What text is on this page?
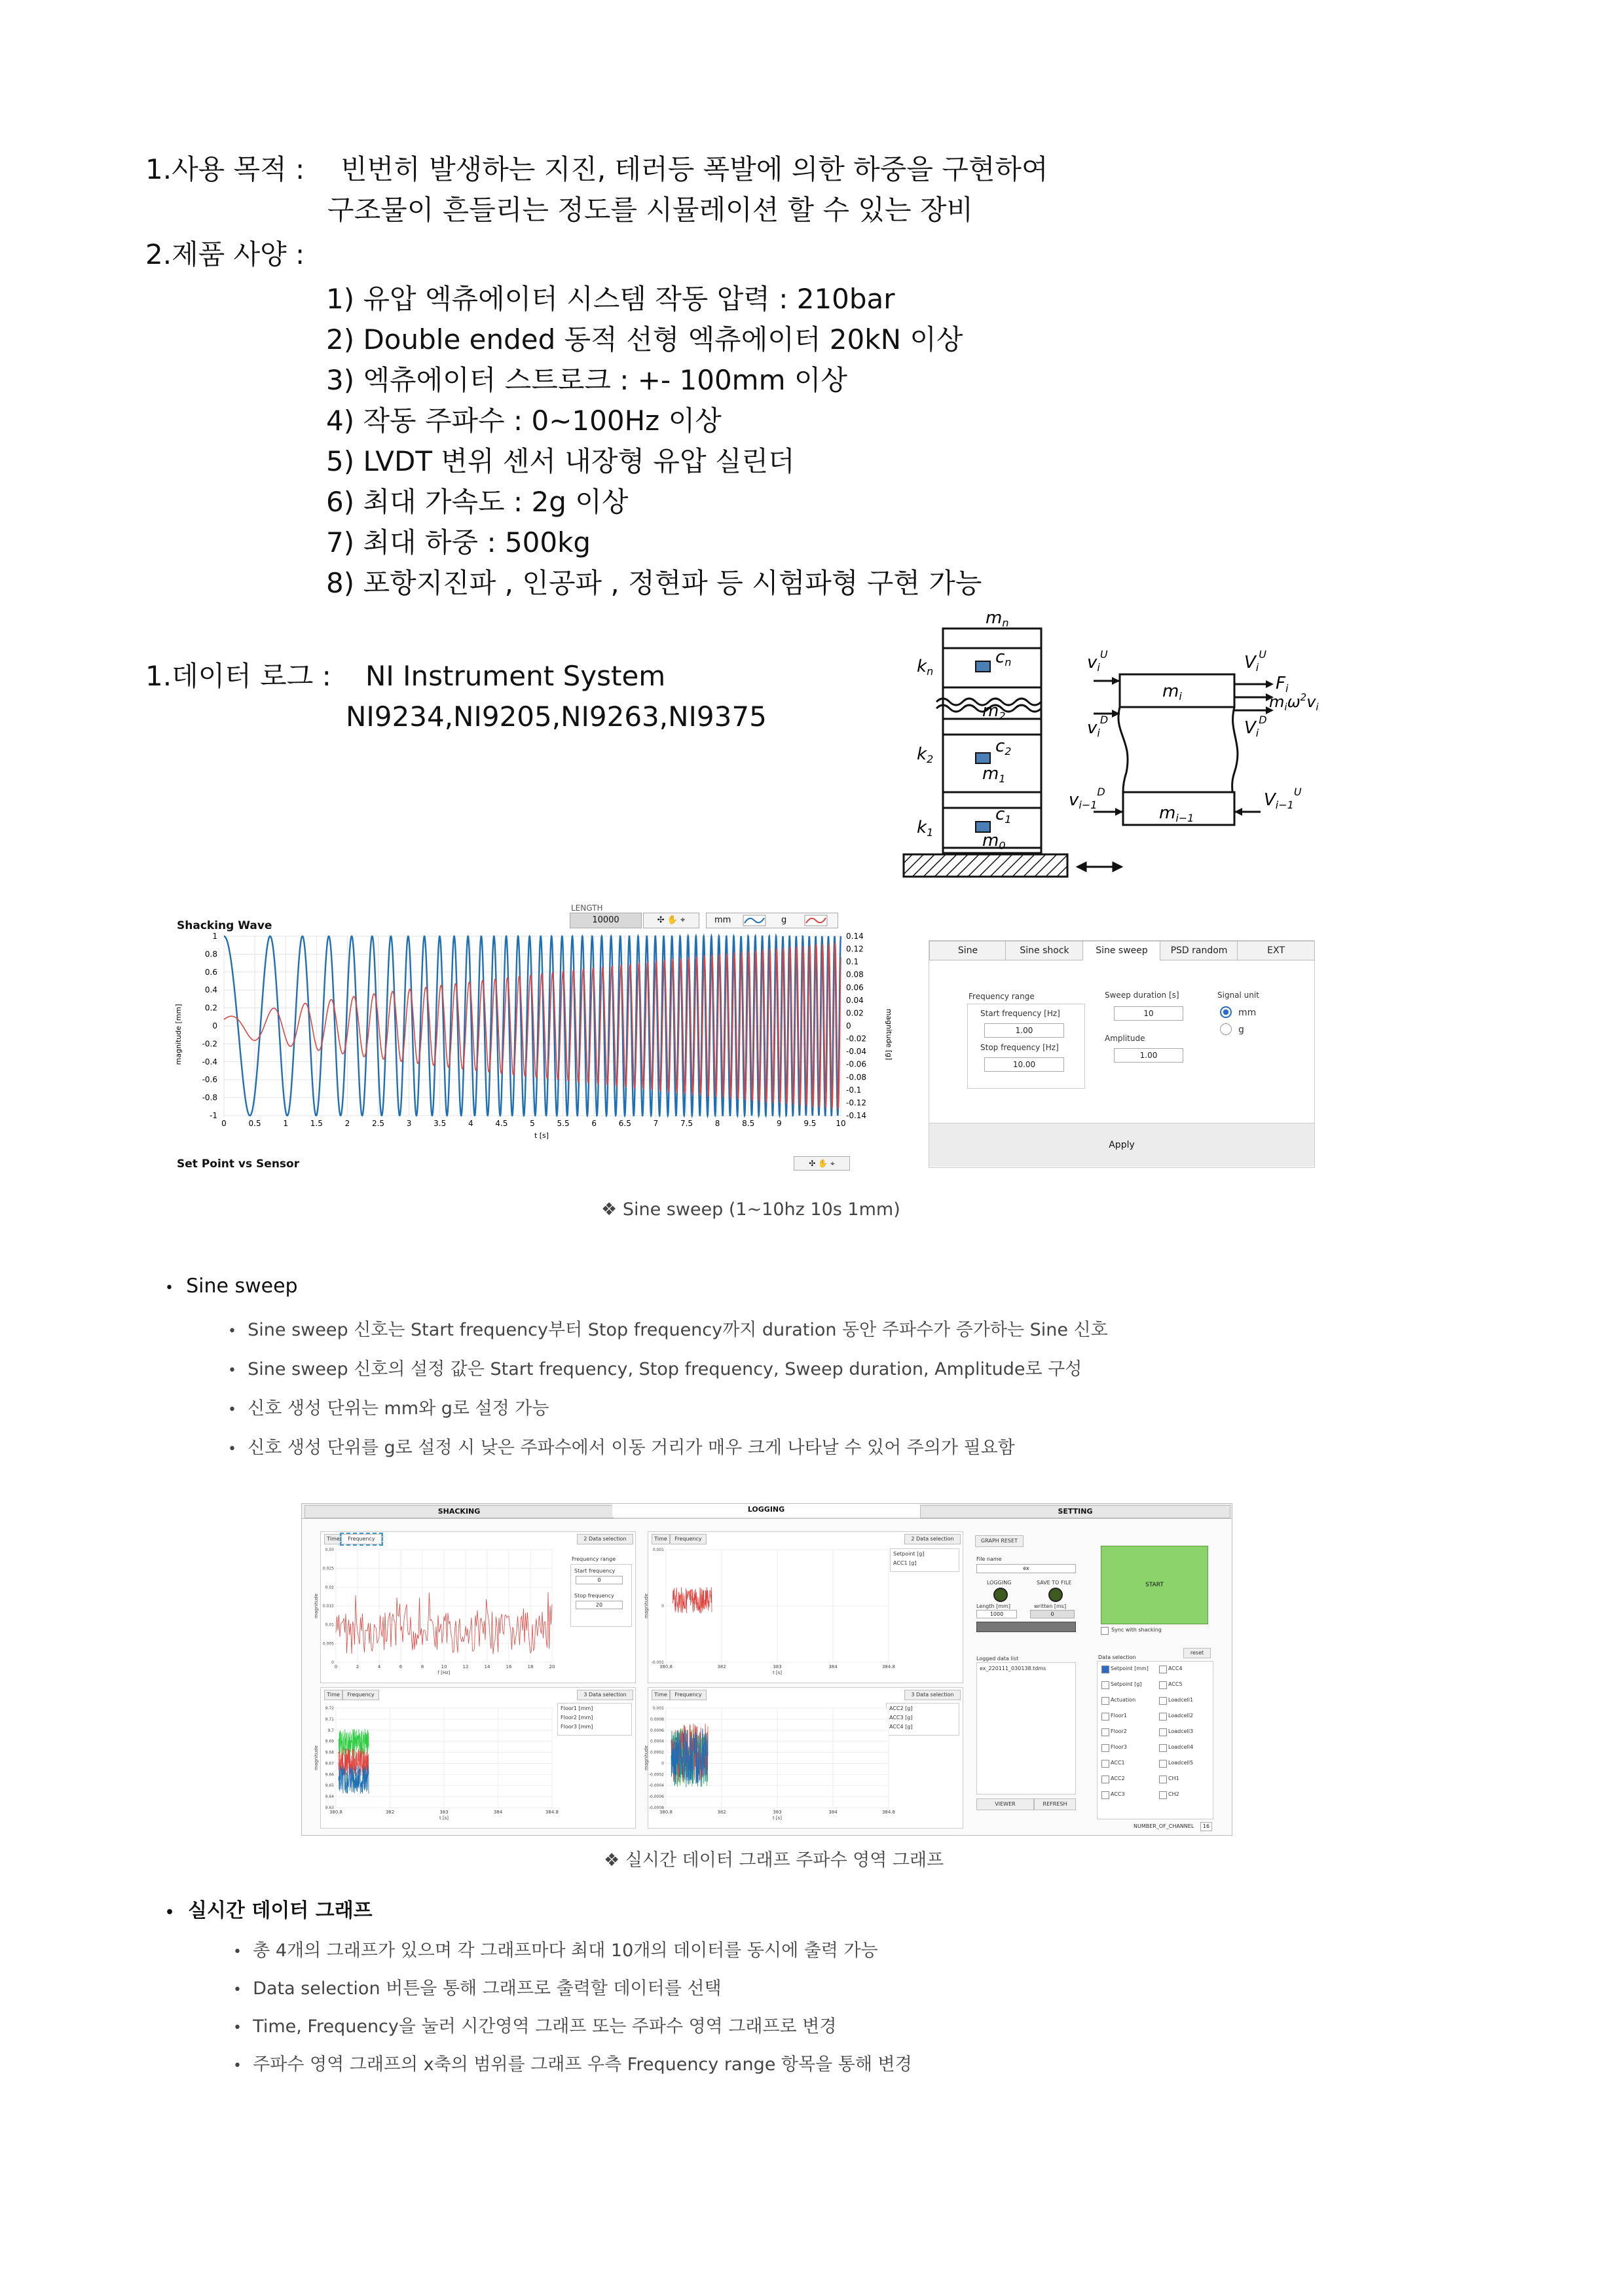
1.사용 목적 : 빈번히 발생하는 지진, 테러등 폭발에 의한 하중을 구현하여
구조물이 흔들리는 정도를 시뮬레이션 할 수 있는 장비
2.제품 사양 :
1) 유압 엑츄에이터 시스템 작동 압력 : 210bar
2) Double ended 동적 선형 엑츄에이터 20kN 이상
3) 엑츄에이터 스트로크 : +- 100mm 이상
4) 작동 주파수 : 0~100Hz 이상
5) LVDT 변위 센서 내장형 유압 실린더
6) 최대 가속도 : 2g 이상
7) 최대 하중 : 500kg
8) 포항지진파 , 인공파 , 정현파 등 시험파형 구현 가능
1.데이터 로그 : NI Instrument System
NI9234,NI9205,NI9263,NI9375
mn
kn
cn
m2
k2
c2
m1
k1
c1
m0
mi
mi−1
Fi
$m_i\omega^2v_i$
$Vi^U$
$vi^U$
$vi^D$	$Vi^D$
$vi-1^D$	$Vi-1^U$
Shacking Wave
LENGTH
10000	✣ ✋ ⌖	mm	g
0	0.5	1	1.5	2	2.5	3	3.5	4	4.5	5	5.5	6	6.5	7	7.5	8	8.5	9	9.5 10
1
0.8
0.6
0.4
0.2
0
-0.2
-0.4
-0.6
-0.8
-1
0.14
0.12
0.1
0.08
0.06
0.04
0.02
0
-0.02
-0.04
-0.06
-0.08
-0.1
-0.12
-0.14
magnitude [mm]	magnitude [g]
t [s]
Set Point vs Sensor	✣ ✋ ⌖
Sine	Sine shock	Sine sweep	PSD random	EXT
Frequency range
Start frequency [Hz]
1.00
Stop frequency [Hz]
10.00
Sweep duration [s]
10
Amplitude
1.00
Signal unit
mm
g
Apply
❖ Sine sweep (1~10hz 10s 1mm)
• Sine sweep
• Sine sweep 신호는 Start frequency부터 Stop frequency까지 duration 동안 주파수가 증가하는 Sine 신호
• Sine sweep 신호의 설정 값은 Start frequency, Stop frequency, Sweep duration, Amplitude로 구성
• 신호 생성 단위는 mm와 g로 설정 가능
• 신호 생성 단위를 g로 설정 시 낮은 주파수에서 이동 거리가 매우 크게 나타날 수 있어 주의가 필요함
SHACKING	LOGGING	SETTING
Time	Frequency	2 Data selection
Frequency range
Start frequency
0
Stop frequency
20
Time	Frequency	2 Data selection
Setpoint [g]
ACC1 [g]
Time	Frequency	3 Data selection
Floor1 [mm]
Floor2 [mm]
Floor3 [mm]
Time	Frequency	3 Data selection
ACC2 [g]
ACC3 [g]
ACC4 [g]
0	2	4	6	8	10	12	14	16	18	20
0.03
0.025
0.02
0.015
0.01
0.005
0
f [Hz]
magnitude
380.8	382	383	384	384.8
0.001
0
-0.001
t [s]
magnitude
380.8	382	383	384	384.8
9.72
9.71
9.7
9.69
9.68
9.67
9.66
9.65
9.64
9.63
t [s]
magnitude
380.8	382	383	384	384.8
0.001
0.0008
0.0006
0.0004
0.0002
0
-0.0002
-0.0004
-0.0006
-0.0008
t [s]
magnitude
GRAPH RESET
File name
ex
LOGGING	SAVE TO FILE
Length [mm]
1000
written [ms]
0
START
Sync with shacking
Logged data list
ex_220111_030138.tdms
VIEWER	REFRESH
Data selection
reset
Setpoint [mm]
Setpoint [g]
Actuation
Floor1
Floor2
Floor3
ACC1
ACC2
ACC3
ACC4
ACC5
Loadcell1
Loadcell2
Loadcell3
Loadcell4
Loadcell5
CH1
CH2
NUMBER_OF_CHANNEL	16
❖ 실시간 데이터 그래프 주파수 영역 그래프
• 실시간 데이터 그래프
• 총 4개의 그래프가 있으며 각 그래프마다 최대 10개의 데이터를 동시에 출력 가능
• Data selection 버튼을 통해 그래프로 출력할 데이터를 선택
• Time, Frequency을 눌러 시간영역 그래프 또는 주파수 영역 그래프로 변경
• 주파수 영역 그래프의 x축의 범위를 그래프 우측 Frequency range 항목을 통해 변경
